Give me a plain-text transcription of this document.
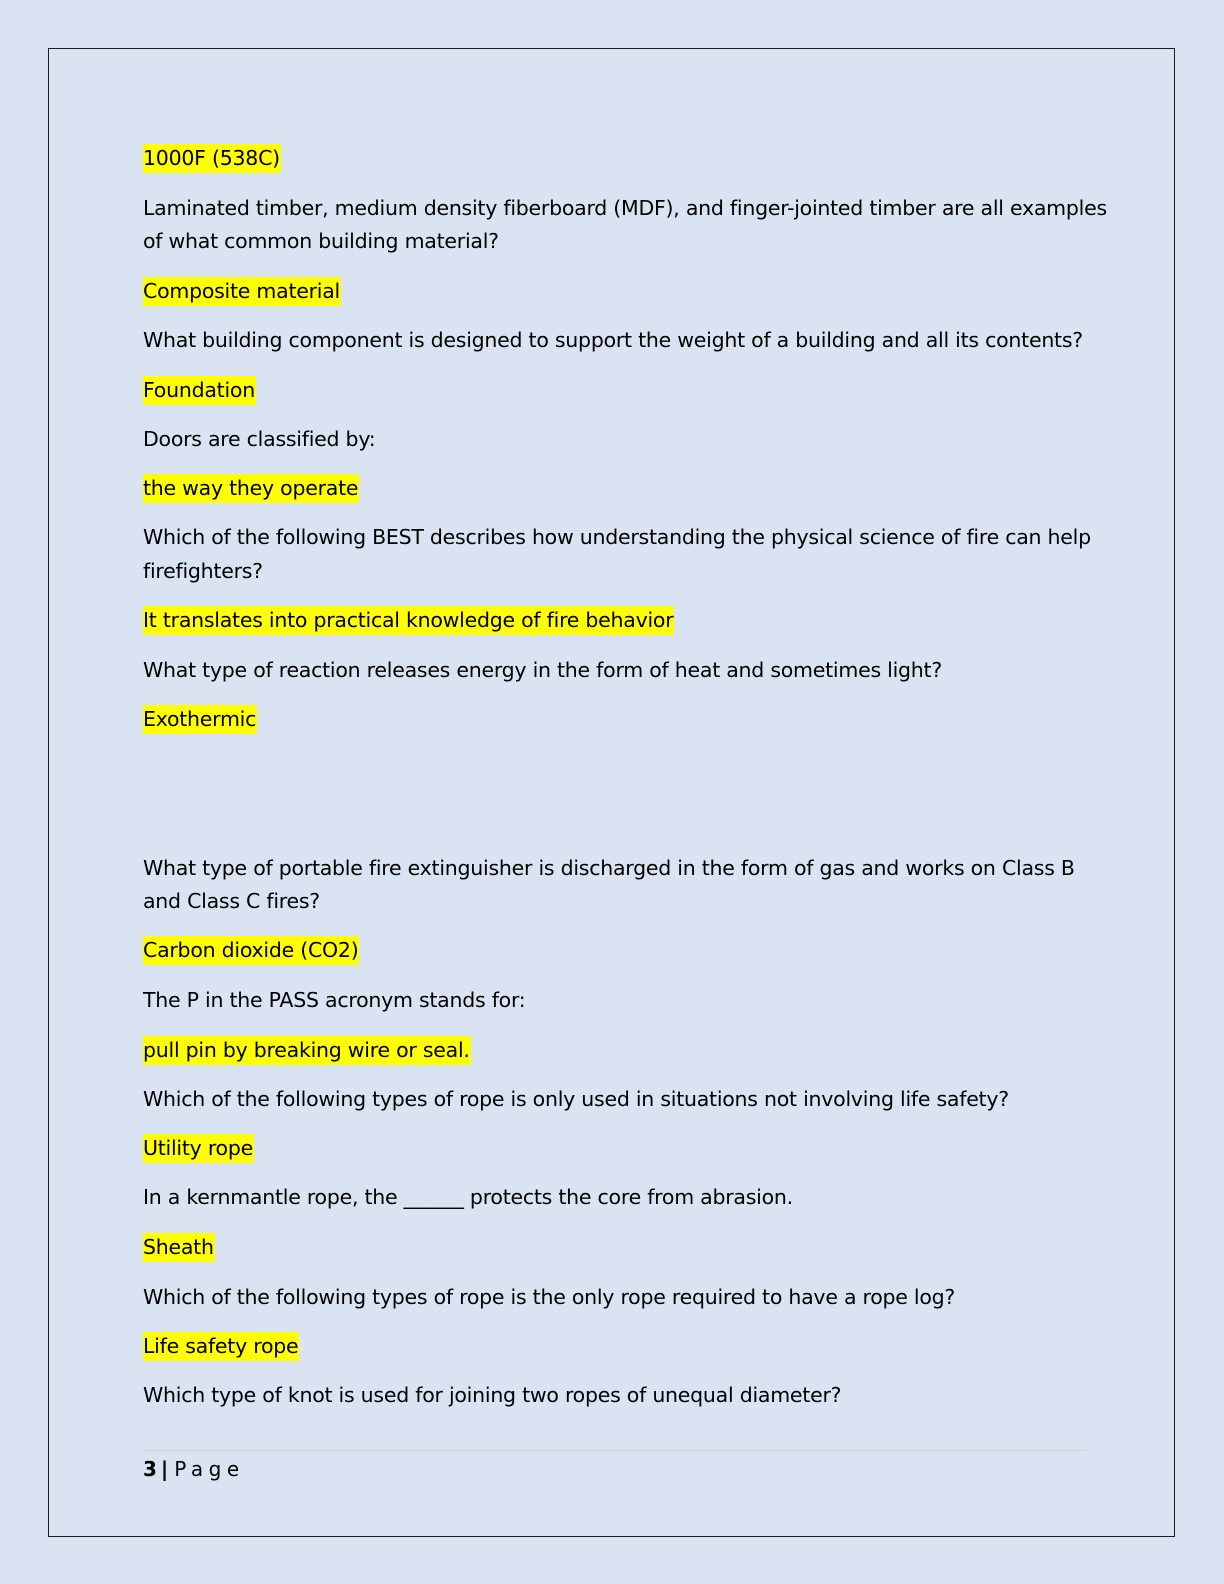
1000F (538C)
Laminated timber, medium density fiberboard (MDF), and finger-jointed timber are all examples
of what common building material?
Composite material
What building component is designed to support the weight of a building and all its contents?
Foundation
Doors are classified by:
the way they operate
Which of the following BEST describes how understanding the physical science of fire can help
firefighters?
It translates into practical knowledge of fire behavior
What type of reaction releases energy in the form of heat and sometimes light?
Exothermic
What type of portable fire extinguisher is discharged in the form of gas and works on Class B
and Class C fires?
Carbon dioxide (CO2)
The P in the PASS acronym stands for:
pull pin by breaking wire or seal.
Which of the following types of rope is only used in situations not involving life safety?
Utility rope
In a kernmantle rope, the ______ protects the core from abrasion.
Sheath
Which of the following types of rope is the only rope required to have a rope log?
Life safety rope
Which type of knot is used for joining two ropes of unequal diameter?
3 | Page
